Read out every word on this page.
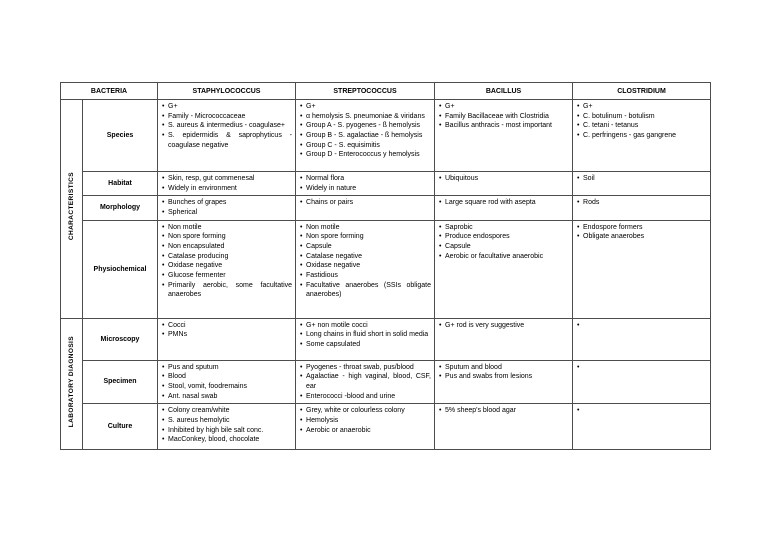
BACTERIA		STAPHYLOCOCCUS	STREPTOCOCCUS	BACILLUS	CLOSTRIDIUM
CHARACTERISTICS	Species	
• G+
• Family - Micrococcaceae
• S. aureus & intermedius - coagulase+
• S. epidermidis & saprophyticus - coagulase negative

• G+
• α hemolysis S. pneumoniae & viridans
• Group A - S. pyogenes - ß hemolysis
• Group B - S. agalactiae - ß hemolysis
• Group C - S. equisimitis
• Group D - Enterococcus y hemolysis

• G+
• Family Bacillaceae with Clostridia
• Bacillus anthracis - most important

• G+
• C. botulinum - botulism
• C. tetani - tetanus
• C. perfringens - gas gangrene

Habitat	
• Skin, resp, gut commenesal
• Widely in environment

• Normal flora
• Widely in nature

• Ubiquitous

•Soil

Morphology	
• Bunches of grapes
• Spherical

• Chains or pairs

•Large square rod with asepta

•Rods

Physiochemical	
• Non motile
• Non spore forming
• Non encapsulated
• Catalase producing
• Oxidase negative
• Glucose fermenter
• Primarily aerobic, some facultative anaerobes

• Non motile
• Non spore forming
• Capsule
• Catalase negative
• Oxidase negative
• Fastidious
• Facultative anaerobes (SSIs obligate anaerobes)

• Saprobic
• Produce endospores
• Capsule
• Aerobic or facultative anaerobic

• Endospore formers
• Obligate anaerobes

LABORATORY DIAGNOSIS	Microscopy	
• Cocci
• PMNs

• G+ non motile cocci
• Long chains in fluid short in solid media
• Some capsulated

• G+ rod is very suggestive

•

Specimen	
• Pus and sputum
• Blood
• Stool, vomit, foodremains
• Ant. nasal swab

• Pyogenes - throat swab, pus/blood
• Agalactiae - high vaginal, blood, CSF, ear
• Enterococci -blood and urine

• Sputum and blood
• Pus and swabs from lesions

•

Culture	
• Colony cream/white
• S. aureus hemolytic
• Inhibited by high bile salt conc.
• MacConkey, blood, chocolate

• Grey, white or colourless colony
• Hemolysis
• Aerobic or anaerobic

• 5% sheep's blood agar

•
